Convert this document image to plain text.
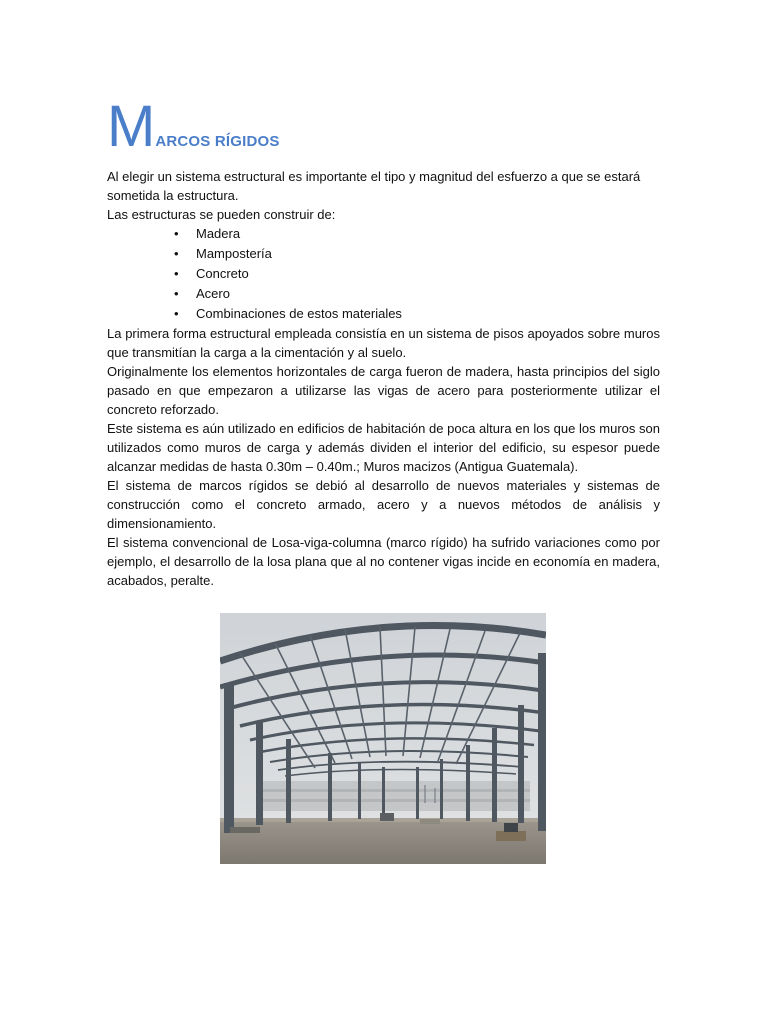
M ARCOS RÍGIDOS

Al elegir un sistema estructural es importante el tipo y magnitud del esfuerzo a que se estará sometida la estructura.

Las estructuras se pueden construir de:

• Madera
• Mampostería
• Concreto
• Acero
• Combinaciones de estos materiales

La primera forma estructural empleada consistía en un sistema de pisos apoyados sobre muros que transmitían la carga a la cimentación y al suelo.

Originalmente los elementos horizontales de carga fueron de madera, hasta principios del siglo pasado en que empezaron a utilizarse las vigas de acero para posteriormente utilizar el concreto reforzado.

Este sistema es aún utilizado en edificios de habitación de poca altura en los que los muros son utilizados como muros de carga y además dividen el interior del edificio, su espesor puede alcanzar medidas de hasta 0.30m – 0.40m.; Muros macizos (Antigua Guatemala).

El sistema de marcos rígidos se debió al desarrollo de nuevos materiales y sistemas de construcción como el concreto armado, acero y a nuevos métodos de análisis y dimensionamiento.

El sistema convencional de Losa-viga-columna (marco rígido) ha sufrido variaciones como por ejemplo, el desarrollo de la losa plana que al no contener vigas incide en economía en madera, acabados, peralte.
